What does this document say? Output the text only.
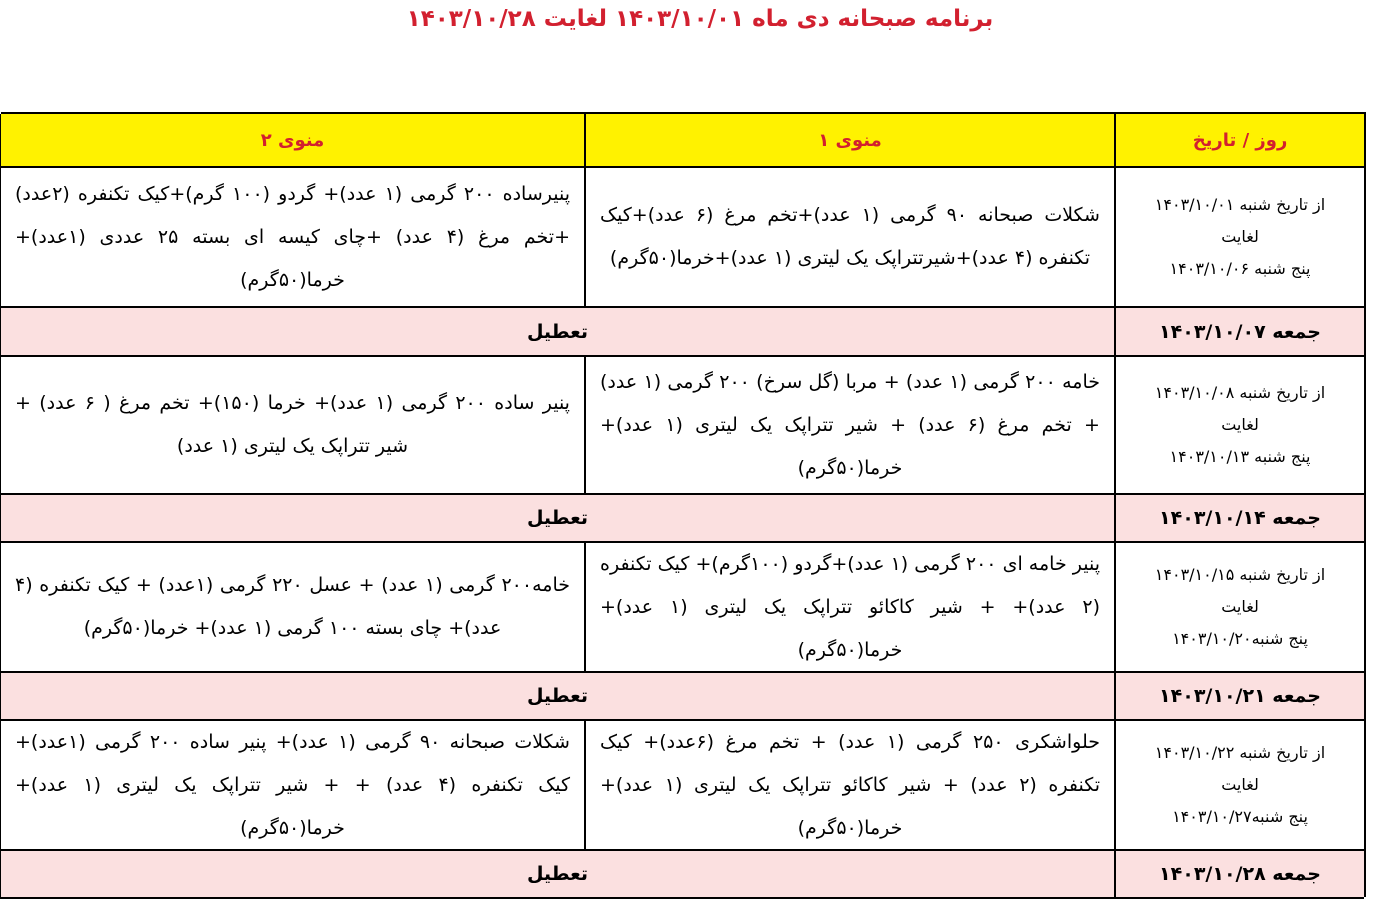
برنامه صبحانه دی ماه ۱۴۰۳/۱۰/۰۱ لغایت ۱۴۰۳/۱۰/۲۸
روز / تاریخ
منوی ۱
منوی ۲
از تاریخ شنبه ۱۴۰۳/۱۰/۰۱
لغایت
پنج شنبه ۱۴۰۳/۱۰/۰۶
شکلات صبحانه ۹۰ گرمی (۱ عدد)+تخم مرغ (۶ عدد)+کیک تکنفره (۴ عدد)+شیرتتراپک یک لیتری (۱ عدد)+خرما(۵۰گرم)
پنیرساده ۲۰۰ گرمی (۱ عدد)+ گردو (۱۰۰ گرم)+کیک تکنفره (۲عدد) +تخم مرغ (۴ عدد) +چای کیسه ای بسته ۲۵ عددی (۱عدد)+ خرما(۵۰گرم)
جمعه ۱۴۰۳/۱۰/۰۷
تعطیل
از تاریخ شنبه ۱۴۰۳/۱۰/۰۸
لغایت
پنج شنبه ۱۴۰۳/۱۰/۱۳
خامه ۲۰۰ گرمی (۱ عدد) + مربا (گل سرخ) ۲۰۰ گرمی (۱ عدد) + تخم مرغ (۶ عدد) + شیر تتراپک یک لیتری (۱ عدد)+ خرما(۵۰گرم)
پنیر ساده ۲۰۰ گرمی (۱ عدد)+ خرما (۱۵۰)+ تخم مرغ ( ۶ عدد) + شیر تتراپک یک لیتری (۱ عدد)
جمعه ۱۴۰۳/۱۰/۱۴
تعطیل
از تاریخ شنبه ۱۴۰۳/۱۰/۱۵
لغایت
پنج شنبه۱۴۰۳/۱۰/۲۰
پنیر خامه ای ۲۰۰ گرمی (۱ عدد)+گردو (۱۰۰گرم)+ کیک تکنفره (۲ عدد)+ + شیر کاکائو تتراپک یک لیتری (۱ عدد)+ خرما(۵۰گرم)
خامه۲۰۰ گرمی (۱ عدد) + عسل ۲۲۰ گرمی (۱عدد) + کیک تکنفره (۴ عدد)+ چای بسته ۱۰۰ گرمی (۱ عدد)+ خرما(۵۰گرم)
جمعه ۱۴۰۳/۱۰/۲۱
تعطیل
از تاریخ شنبه ۱۴۰۳/۱۰/۲۲
لغایت
پنج شنبه۱۴۰۳/۱۰/۲۷
حلواشکری ۲۵۰ گرمی (۱ عدد) + تخم مرغ (۶عدد)+ کیک تکنفره (۲ عدد) + شیر کاکائو تتراپک یک لیتری (۱ عدد)+ خرما(۵۰گرم)
شکلات صبحانه ۹۰ گرمی (۱ عدد)+ پنیر ساده ۲۰۰ گرمی (۱عدد)+ کیک تکنفره (۴ عدد) + + شیر تتراپک یک لیتری (۱ عدد)+ خرما(۵۰گرم)
جمعه ۱۴۰۳/۱۰/۲۸
تعطیل
